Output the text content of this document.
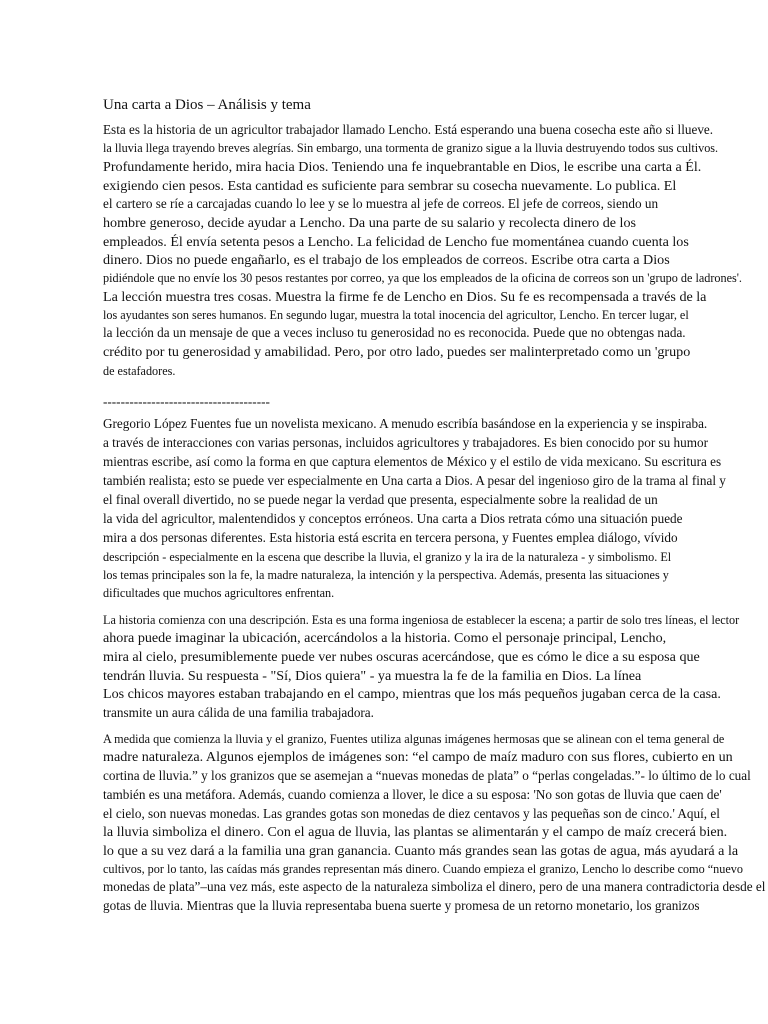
Una carta a Dios – Análisis y tema
Esta es la historia de un agricultor trabajador llamado Lencho. Está esperando una buena cosecha este año si llueve.
la lluvia llega trayendo breves alegrías. Sin embargo, una tormenta de granizo sigue a la lluvia destruyendo todos sus cultivos.
Profundamente herido, mira hacia Dios. Teniendo una fe inquebrantable en Dios, le escribe una carta a Él.
exigiendo cien pesos. Esta cantidad es suficiente para sembrar su cosecha nuevamente. Lo publica. El
el cartero se ríe a carcajadas cuando lo lee y se lo muestra al jefe de correos. El jefe de correos, siendo un
hombre generoso, decide ayudar a Lencho. Da una parte de su salario y recolecta dinero de los
empleados. Él envía setenta pesos a Lencho. La felicidad de Lencho fue momentánea cuando cuenta los
dinero. Dios no puede engañarlo, es el trabajo de los empleados de correos. Escribe otra carta a Dios
pidiéndole que no envíe los 30 pesos restantes por correo, ya que los empleados de la oficina de correos son un 'grupo de ladrones'.
La lección muestra tres cosas. Muestra la firme fe de Lencho en Dios. Su fe es recompensada a través de la
los ayudantes son seres humanos. En segundo lugar, muestra la total inocencia del agricultor, Lencho. En tercer lugar, el
la lección da un mensaje de que a veces incluso tu generosidad no es reconocida. Puede que no obtengas nada.
crédito por tu generosidad y amabilidad. Pero, por otro lado, puedes ser malinterpretado como un 'grupo
de estafadores.
--------------------------------------
Gregorio López Fuentes fue un novelista mexicano. A menudo escribía basándose en la experiencia y se inspiraba.
a través de interacciones con varias personas, incluidos agricultores y trabajadores. Es bien conocido por su humor
mientras escribe, así como la forma en que captura elementos de México y el estilo de vida mexicano. Su escritura es
también realista; esto se puede ver especialmente en Una carta a Dios. A pesar del ingenioso giro de la trama al final y
el final overall divertido, no se puede negar la verdad que presenta, especialmente sobre la realidad de un
la vida del agricultor, malentendidos y conceptos erróneos. Una carta a Dios retrata cómo una situación puede
mira a dos personas diferentes. Esta historia está escrita en tercera persona, y Fuentes emplea diálogo, vívido
descripción - especialmente en la escena que describe la lluvia, el granizo y la ira de la naturaleza - y simbolismo. El
los temas principales son la fe, la madre naturaleza, la intención y la perspectiva. Además, presenta las situaciones y
dificultades que muchos agricultores enfrentan.
La historia comienza con una descripción. Esta es una forma ingeniosa de establecer la escena; a partir de solo tres líneas, el lector
ahora puede imaginar la ubicación, acercándolos a la historia. Como el personaje principal, Lencho,
mira al cielo, presumiblemente puede ver nubes oscuras acercándose, que es cómo le dice a su esposa que
tendrán lluvia. Su respuesta - "Sí, Dios quiera" - ya muestra la fe de la familia en Dios. La línea
Los chicos mayores estaban trabajando en el campo, mientras que los más pequeños jugaban cerca de la casa.
transmite un aura cálida de una familia trabajadora.
A medida que comienza la lluvia y el granizo, Fuentes utiliza algunas imágenes hermosas que se alinean con el tema general de
madre naturaleza. Algunos ejemplos de imágenes son: “el campo de maíz maduro con sus flores, cubierto en un
cortina de lluvia.” y los granizos que se asemejan a “nuevas monedas de plata” o “perlas congeladas.”- lo último de lo cual
también es una metáfora. Además, cuando comienza a llover, le dice a su esposa: 'No son gotas de lluvia que caen de'
el cielo, son nuevas monedas. Las grandes gotas son monedas de diez centavos y las pequeñas son de cinco.' Aquí, el
la lluvia simboliza el dinero. Con el agua de lluvia, las plantas se alimentarán y el campo de maíz crecerá bien.
lo que a su vez dará a la familia una gran ganancia. Cuanto más grandes sean las gotas de agua, más ayudará a la
cultivos, por lo tanto, las caídas más grandes representan más dinero. Cuando empieza el granizo, Lencho lo describe como “nuevo
monedas de plata”–una vez más, este aspecto de la naturaleza simboliza el dinero, pero de una manera contradictoria desde el
gotas de lluvia. Mientras que la lluvia representaba buena suerte y promesa de un retorno monetario, los granizos
